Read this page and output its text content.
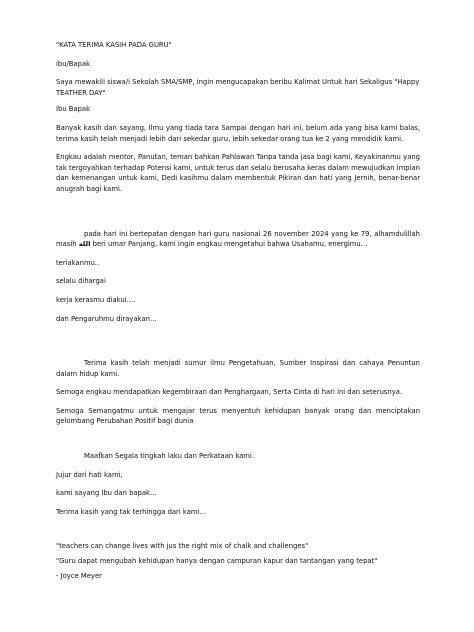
"KATA TERIMA KASIH PADA GURU"

ibu/Bapak

Saya mewakili siswa/i Sekolah SMA/SMP, ingin mengucapakan beribu Kalimat Untuk hari Sekaligus "Happy TEATHER DAY"

Ibu Bapak

Banyak kasih dan sayang, Ilmu yang tiada tara Sampai dengan hari ini, belum ada yang bisa kami balas, terima kasih telah menjadi lebih dari sekedar guru, lebih sekedar orang tua ke 2 yang mendidik kami.

Engkau adalah mentor, Panutan, teman bahkan Pahlawan Tanpa tanda jasa bagi kami, Keyakinanmu yang tak tergoyahkan terhadap Potensi kami, untuk terus dan selalu berusaha keras dalam mewujudkan impian dan kemenangan untuk kami, Dedi kasihmu dalam membentuk Pikiran dan hati yang Jernih, benar-benar anugrah bagi kami.

pada hari ini bertepatan dengan hari guru nasional 26 november 2024 yang ke 79, alhamdulillah masih الله beri umar Panjang, kami ingin engkau mengetahui bahwa Usahamu, energimu…

teriakanmu..

selalu dihargai

kerja kerasmu diakui….

dan Pengaruhmu dirayakan…

Terima kasih telah menjadi sumur ilmu Pengetahuan, Sumber Inspirasi dan cahaya Penuntun dalam hidup kami.

Semoga engkau mendapatkan kegembiraan dan Penghargaan, Serta Cinta di hari ini dan seterusnya.

Semoga Semangatmu untuk mengajar terus menyentuh kehidupan banyak orang dan menciptakan gelombang Perubahan Positif bagi dunia

Maafkan Segala tingkah laku dan Perkataan kami.

Jujur dari hati kami,

kami sayang Ibu dan bapak…

Terima kasih yang tak terhingga dari kami…

"teachers can change lives with jus the right mix of chalk and challenges"

"Guru dapat mengubah kehidupan hanya dengan campuran kapur dan tantangan yang tepat"

- Joyce Meyer
